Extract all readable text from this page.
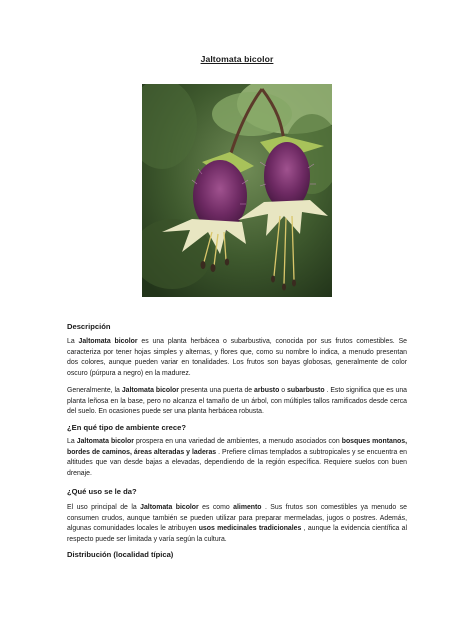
Jaltomata bicolor
Descripción
La Jaltomata bicolor es una planta herbácea o subarbustiva, conocida por sus frutos comestibles. Se caracteriza por tener hojas simples y alternas, y flores que, como su nombre lo indica, a menudo presentan dos colores, aunque pueden variar en tonalidades. Los frutos son bayas globosas, generalmente de color oscuro (púrpura a negro) en la madurez.
Generalmente, la Jaltomata bicolor presenta una puerta de arbusto o subarbusto . Esto significa que es una planta leñosa en la base, pero no alcanza el tamaño de un árbol, con múltiples tallos ramificados desde cerca del suelo. En ocasiones puede ser una planta herbácea robusta.
¿En qué tipo de ambiente crece?
La Jaltomata bicolor prospera en una variedad de ambientes, a menudo asociados con bosques montanos, bordes de caminos, áreas alteradas y laderas . Prefiere climas templados a subtropicales y se encuentra en altitudes que van desde bajas a elevadas, dependiendo de la región específica. Requiere suelos con buen drenaje.
¿Qué uso se le da?
El uso principal de la Jaltomata bicolor es como alimento . Sus frutos son comestibles ya menudo se consumen crudos, aunque también se pueden utilizar para preparar mermeladas, jugos o postres. Además, algunas comunidades locales le atribuyen usos medicinales tradicionales , aunque la evidencia científica al respecto puede ser limitada y varía según la cultura.
Distribución (localidad típica)
